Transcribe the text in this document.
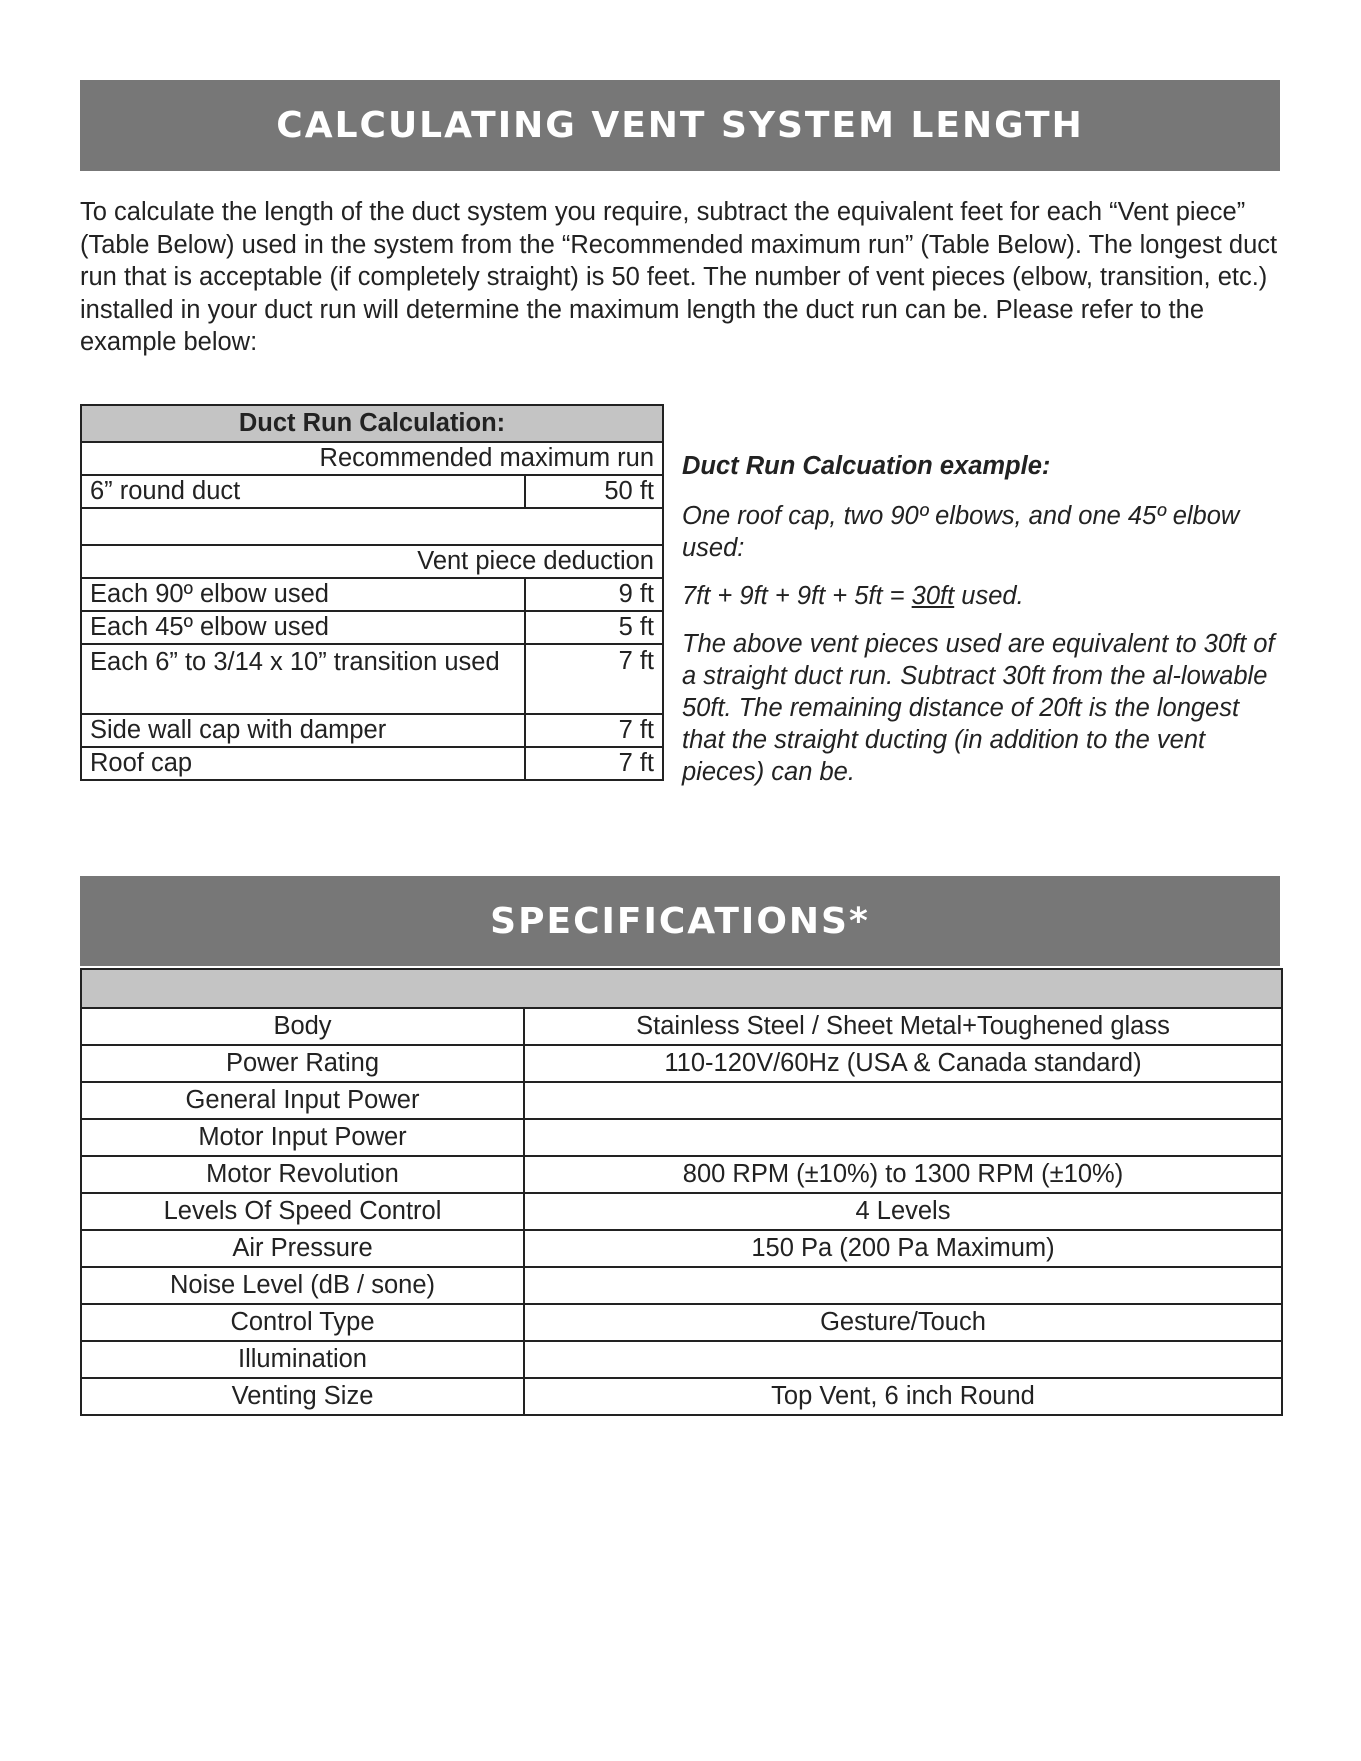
CALCULATING VENT SYSTEM LENGTH

To calculate the length of the duct system you require, subtract the equivalent feet for each “Vent piece” (Table Below) used in the system from the “Recommended maximum run” (Table Below). The longest duct run that is acceptable (if completely straight) is 50 feet. The number of vent pieces (elbow, transition, etc.) installed in your duct run will determine the maximum length the duct run can be. Please refer to the example below:

Duct Run Calculation:	
Recommended maximum run	
6” round duct	50 ft

Vent piece deduction	
Each 90º elbow used	9 ft
Each 45º elbow used	5 ft
Each 6” to 3/14 x 10” transition used	7 ft
Side wall cap with damper	7 ft
Roof cap	7 ft

Duct Run Calcuation example:

One roof cap, two 90º elbows, and one 45º elbow used:

7ft + 9ft + 9ft + 5ft = 30ft used.

The above vent pieces used are equivalent to 30ft of a straight duct run. Subtract 30ft from the al-lowable 50ft. The remaining distance of 20ft is the longest that the straight ducting (in addition to the vent pieces) can be.

SPECIFICATIONS*

Body	Stainless Steel / Sheet Metal+Toughened glass
Power Rating	110-120V/60Hz (USA & Canada standard)
General Input Power	
Motor Input Power	
Motor Revolution	800 RPM (±10%) to 1300 RPM (±10%)
Levels Of Speed Control	4 Levels
Air Pressure	150 Pa (200 Pa Maximum)
Noise Level (dB / sone)	
Control Type	Gesture/Touch
Illumination	
Venting Size	Top Vent, 6 inch Round
